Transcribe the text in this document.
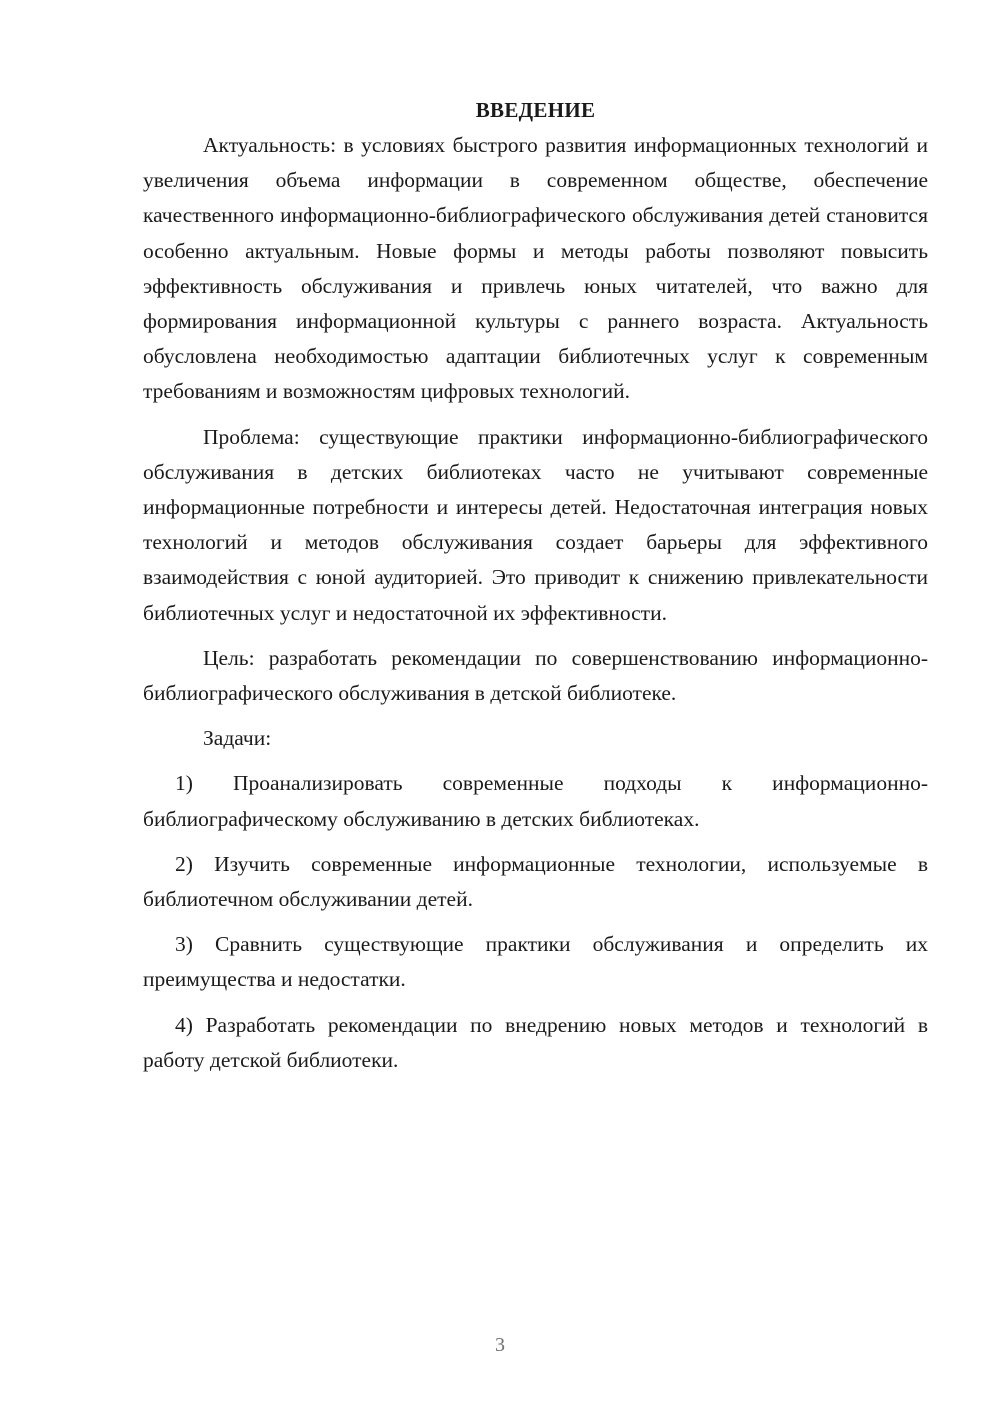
ВВЕДЕНИЕ

Актуальность: в условиях быстрого развития информационных технологий и увеличения объема информации в современном обществе, обеспечение качественного информационно-библиографического обслуживания детей становится особенно актуальным. Новые формы и методы работы позволяют повысить эффективность обслуживания и привлечь юных читателей, что важно для формирования информационной культуры с раннего возраста. Актуальность обусловлена необходимостью адаптации библиотечных услуг к современным требованиям и возможностям цифровых технологий.

Проблема: существующие практики информационно-библиографического обслуживания в детских библиотеках часто не учитывают современные информационные потребности и интересы детей. Недостаточная интеграция новых технологий и методов обслуживания создает барьеры для эффективного взаимодействия с юной аудиторией. Это приводит к снижению привлекательности библиотечных услуг и недостаточной их эффективности.

Цель: разработать рекомендации по совершенствованию информационно-библиографического обслуживания в детской библиотеке.

Задачи:

1) Проанализировать современные подходы к информационно-библиографическому обслуживанию в детских библиотеках.

2) Изучить современные информационные технологии, используемые в библиотечном обслуживании детей.

3) Сравнить существующие практики обслуживания и определить их преимущества и недостатки.

4) Разработать рекомендации по внедрению новых методов и технологий в работу детской библиотеки.

3
